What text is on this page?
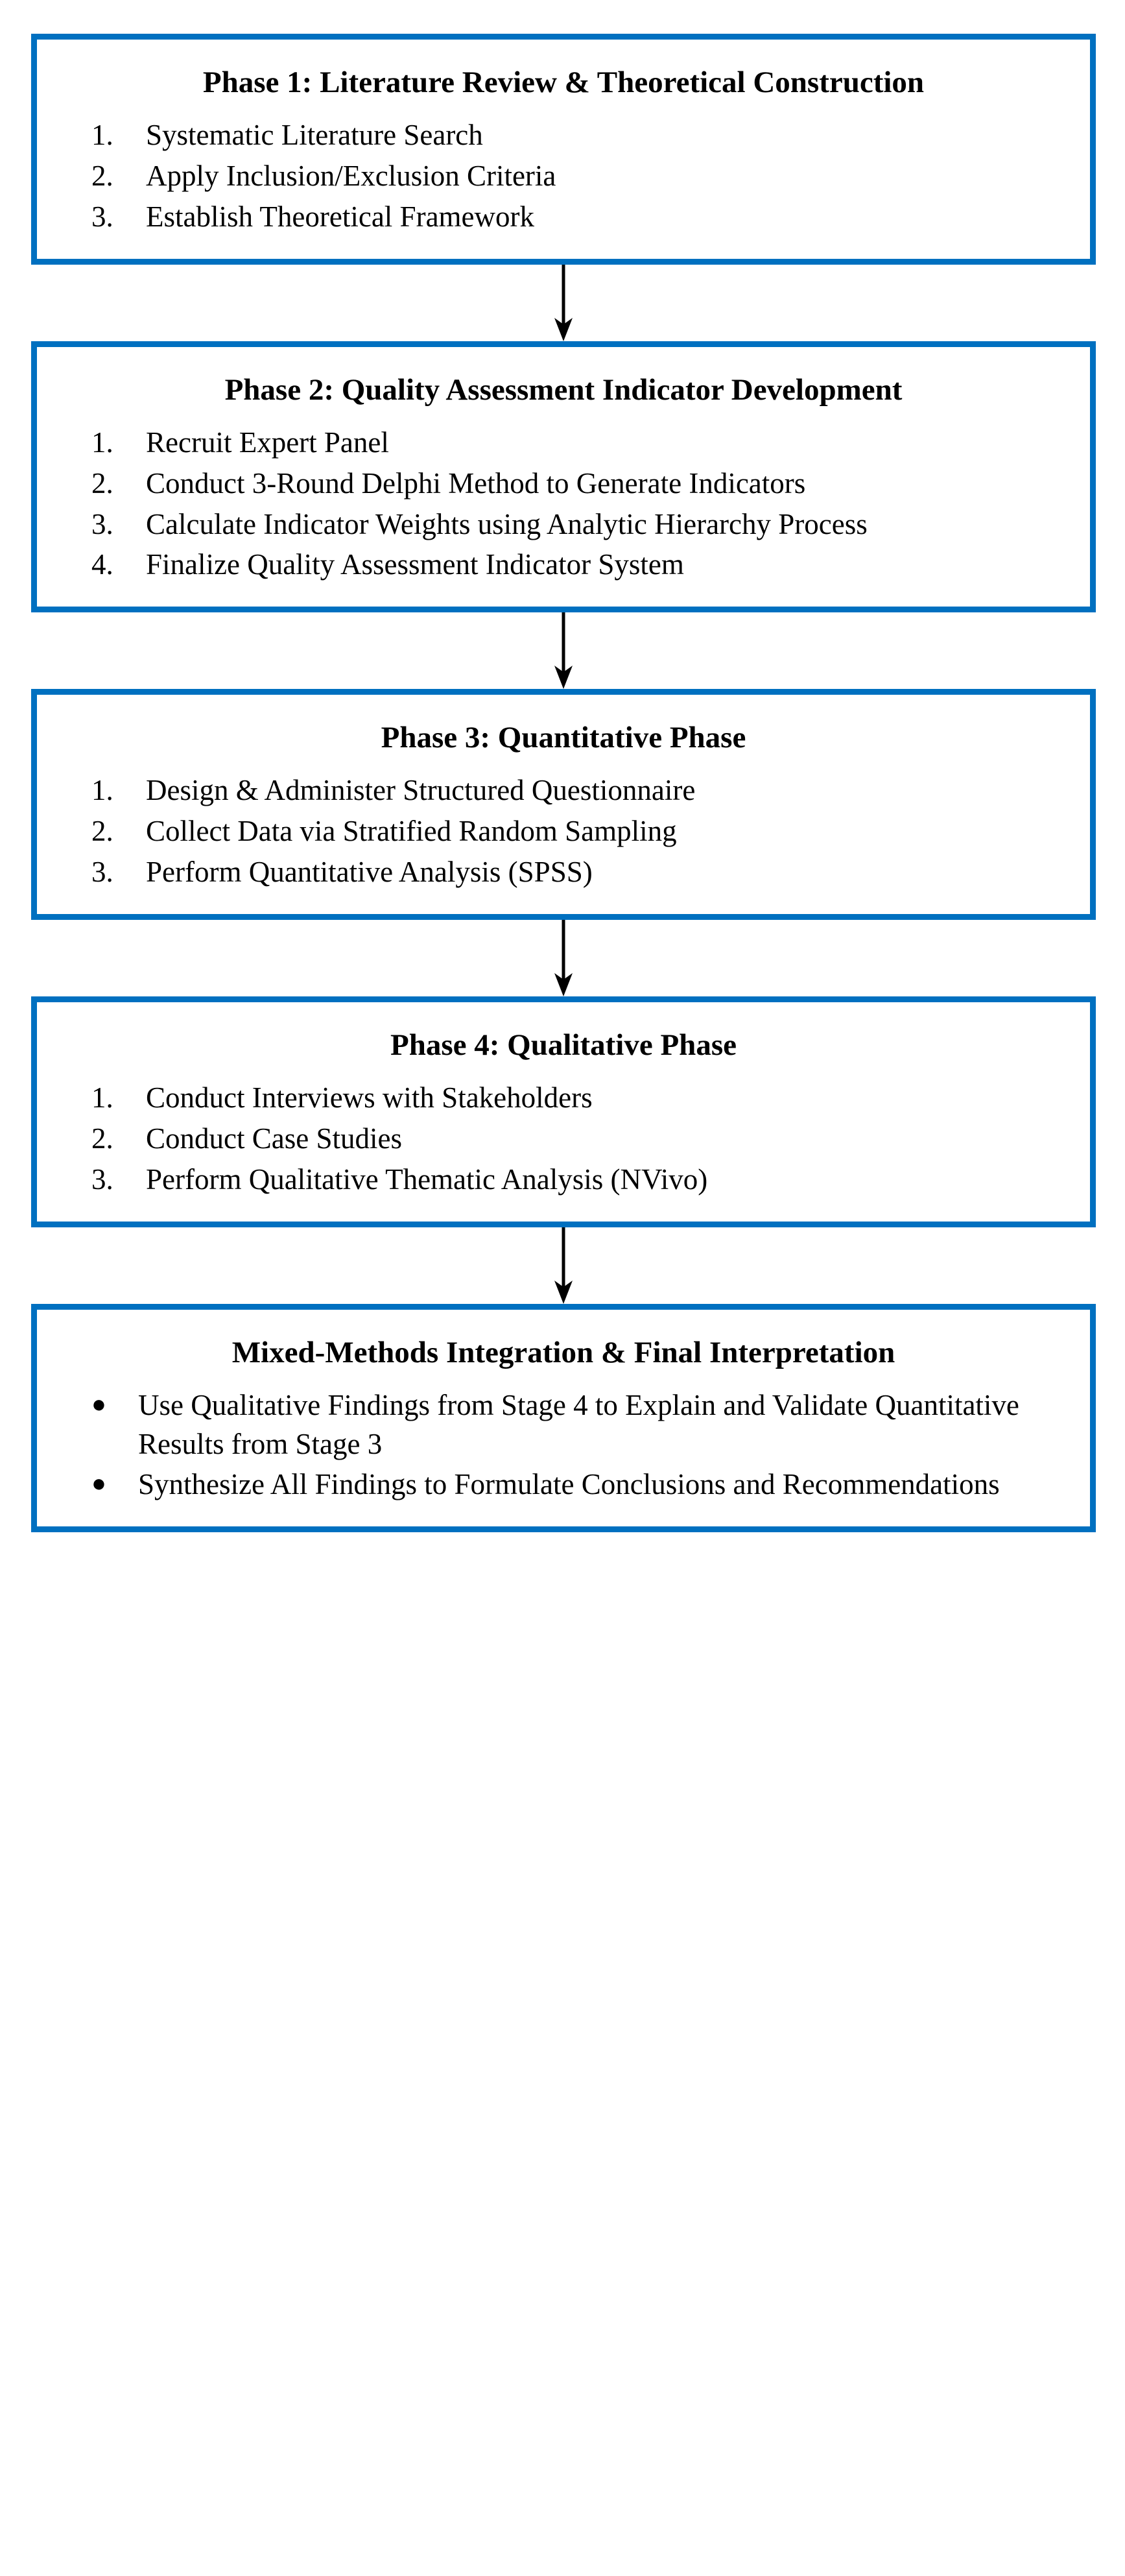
Phase 1: Literature Review & Theoretical Construction
1.	Systematic Literature Search
2.	Apply Inclusion/Exclusion Criteria
3.	Establish Theoretical Framework
Phase 2: Quality Assessment Indicator Development
1.	Recruit Expert Panel
2.	Conduct 3-Round Delphi Method to Generate Indicators
3.	Calculate Indicator Weights using Analytic Hierarchy Process
4.	Finalize Quality Assessment Indicator System
Phase 3: Quantitative Phase
1.	Design & Administer Structured Questionnaire
2.	Collect Data via Stratified Random Sampling
3.	Perform Quantitative Analysis (SPSS)
Phase 4: Qualitative Phase
1.	Conduct Interviews with Stakeholders
2.	Conduct Case Studies
3.	Perform Qualitative Thematic Analysis (NVivo)
Mixed-Methods Integration & Final Interpretation
●	Use Qualitative Findings from Stage 4 to Explain and Validate Quantitative Results from Stage 3
●	Synthesize All Findings to Formulate Conclusions and Recommendations
